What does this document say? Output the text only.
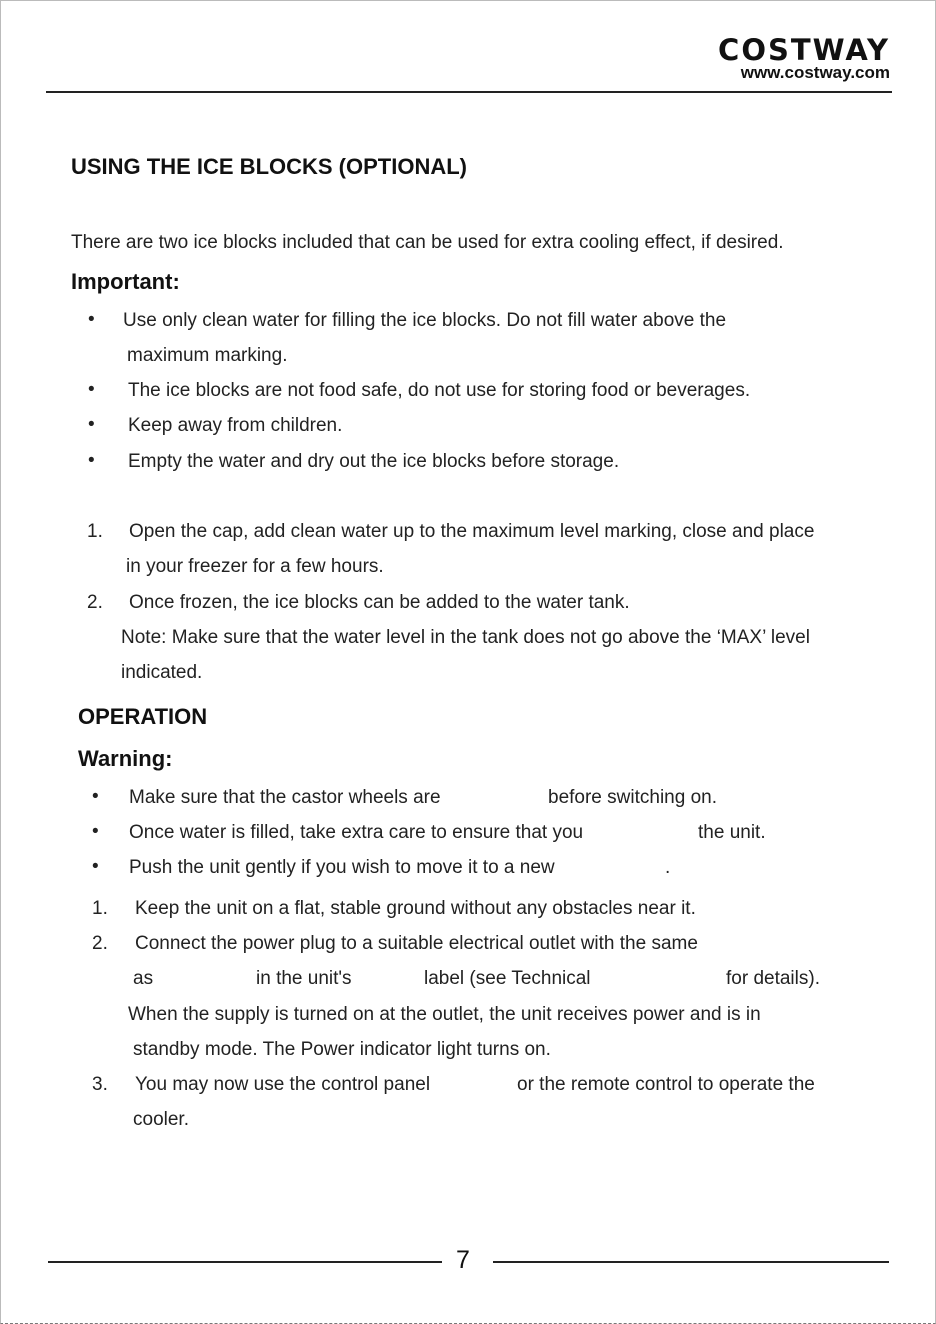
COSTWAY
www.costway.com
USING THE ICE BLOCKS (OPTIONAL)
There are two ice blocks included that can be used for extra cooling effect, if desired.
Important:
• Use only clean water for filling the ice blocks. Do not fill water above the
maximum marking.
• The ice blocks are not food safe, do not use for storing food or beverages.
• Keep away from children.
• Empty the water and dry out the ice blocks before storage.
1. Open the cap, add clean water up to the maximum level marking, close and place
in your freezer for a few hours.
2. Once frozen, the ice blocks can be added to the water tank.
Note: Make sure that the water level in the tank does not go above the ‘MAX’ level
indicated.
OPERATION
Warning:
• Make sure that the castor wheels are	before switching on.
• Once water is filled, take extra care to ensure that you	the unit.
• Push the unit gently if you wish to move it to a new	.
1. Keep the unit on a flat, stable ground without any obstacles near it.
2. Connect the power plug to a suitable electrical outlet with the same
as	in the unit's	label (see Technical	for details).
When the supply is turned on at the outlet, the unit receives power and is in
standby mode. The Power indicator light turns on.
3. You may now use the control panel	or the remote control to operate the
cooler.
7
